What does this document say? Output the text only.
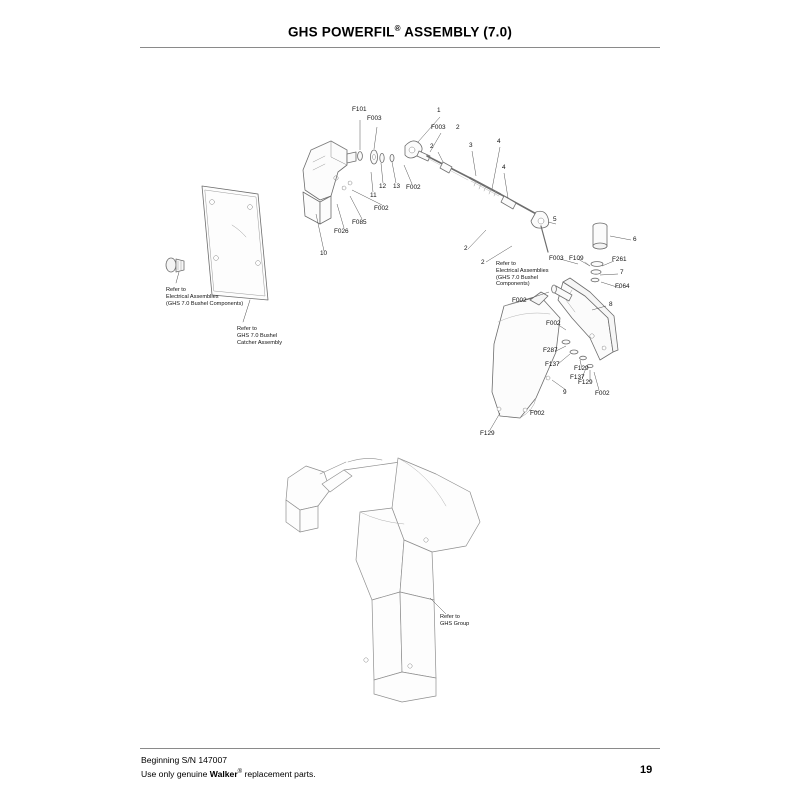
GHS POWERFIL® ASSEMBLY (7.0)
F101
F003
1
F003 2
2	3
4
4
11
12 13 F002
F002
F085
F026
10
5
6
2
2
F003 F109	F261
7
F064
F002
8
F002
F287
F137
F129
F137
F129
F002
9
F002
F129
Refer to
Electrical Assemblies
(GHS 7.0 Bushel Components)
Refer to
GHS 7.0 Bushel
Catcher Assembly
Refer to
Electrical Assemblies
(GHS 7.0 Bushel
Components)
Refer to
GHS Group
Beginning S/N 147007
Use only genuine Walker® replacement parts.	19
